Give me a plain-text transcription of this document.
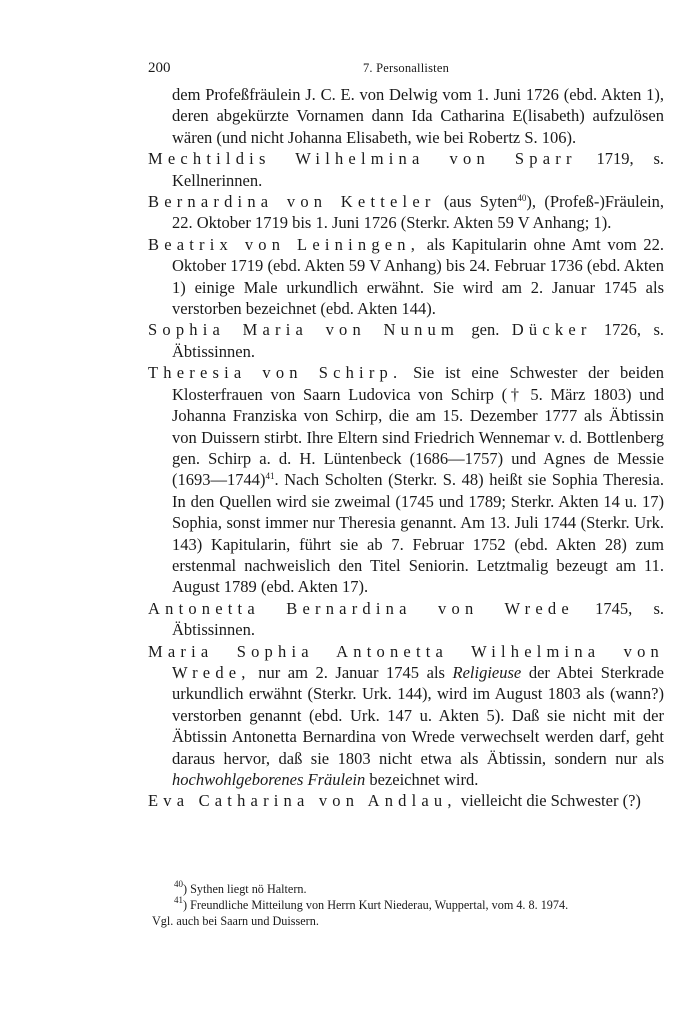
200	7. Personallisten

dem Profeßfräulein J. C. E. von Delwig vom 1. Juni 1726 (ebd. Akten 1), deren abgekürzte Vornamen dann Ida Catharina E(lisabeth) aufzulösen wären (und nicht Johanna Elisabeth, wie bei Robertz S. 106).

Mechtildis Wilhelmina von Sparr 1719, s. Kellnerinnen.

Bernardina von Ketteler (aus Syten$^{40}$), (Profeß-)Fräulein, 22. Oktober 1719 bis 1. Juni 1726 (Sterkr. Akten 59 V Anhang; 1).

Beatrix von Leiningen, als Kapitularin ohne Amt vom 22. Oktober 1719 (ebd. Akten 59 V Anhang) bis 24. Februar 1736 (ebd. Akten 1) einige Male urkundlich erwähnt. Sie wird am 2. Januar 1745 als verstorben bezeichnet (ebd. Akten 144).

Sophia Maria von Nunum gen. Dücker 1726, s. Äbtissinnen.

Theresia von Schirp. Sie ist eine Schwester der beiden Klosterfrauen von Saarn Ludovica von Schirp († 5. März 1803) und Johanna Franziska von Schirp, die am 15. Dezember 1777 als Äbtissin von Duissern stirbt. Ihre Eltern sind Friedrich Wennemar v. d. Bottlenberg gen. Schirp a. d. H. Lüntenbeck (1686—1757) und Agnes de Messie (1693—1744)$^{41}$. Nach Scholten (Sterkr. S. 48) heißt sie Sophia Theresia. In den Quellen wird sie zweimal (1745 und 1789; Sterkr. Akten 14 u. 17) Sophia, sonst immer nur Theresia genannt. Am 13. Juli 1744 (Sterkr. Urk. 143) Kapitularin, führt sie ab 7. Februar 1752 (ebd. Akten 28) zum erstenmal nachweislich den Titel Seniorin. Letztmalig bezeugt am 11. August 1789 (ebd. Akten 17).

Antonetta Bernardina von Wrede 1745, s. Äbtissinnen.

Maria Sophia Antonetta Wilhelmina von Wrede, nur am 2. Januar 1745 als Religieuse der Abtei Sterkrade urkundlich erwähnt (Sterkr. Urk. 144), wird im August 1803 als (wann?) verstorben genannt (ebd. Urk. 147 u. Akten 5). Daß sie nicht mit der Äbtissin Antonetta Bernardina von Wrede verwechselt werden darf, geht daraus hervor, daß sie 1803 nicht etwa als Äbtissin, sondern nur als hochwohlgeborenes Fräulein bezeichnet wird.

Eva Catharina von Andlau, vielleicht die Schwester (?)

$^{40}$) Sythen liegt nö Haltern.

$^{41}$) Freundliche Mitteilung von Herrn Kurt Niederau, Wuppertal, vom 4. 8. 1974.

Vgl. auch bei Saarn und Duissern.
